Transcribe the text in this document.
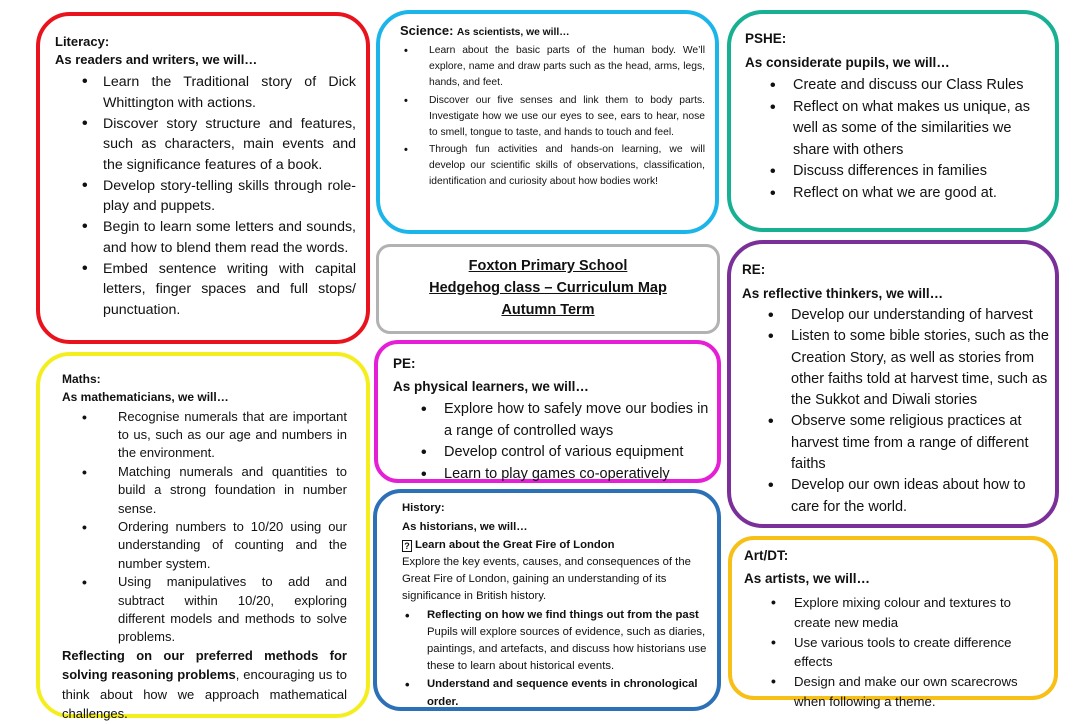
Literacy:
As readers and writers, we will…
• Learn the Traditional story of Dick Whittington with actions.
• Discover story structure and features, such as characters, main events and the significance features of a book.
• Develop story-telling skills through role-play and puppets.
• Begin to learn some letters and sounds, and how to blend them read the words.
• Embed sentence writing with capital letters, finger spaces and full stops/ punctuation.
Science: As scientists, we will…
• Learn about the basic parts of the human body. We’ll explore, name and draw parts such as the head, arms, legs, hands, and feet.
• Discover our five senses and link them to body parts. Investigate how we use our eyes to see, ears to hear, nose to smell, tongue to taste, and hands to touch and feel.
• Through fun activities and hands-on learning, we will develop our scientific skills of observations, classification, identification and curiosity about how bodies work!
PSHE:
As considerate pupils, we will…
• Create and discuss our Class Rules
• Reflect on what makes us unique, as well as some of the similarities we share with others
• Discuss differences in families
• Reflect on what we are good at.
Foxton Primary School
Hedgehog class – Curriculum Map
Autumn Term
PE:
As physical learners, we will…
• Explore how to safely move our bodies in a range of controlled ways
• Develop control of various equipment
• Learn to play games co-operatively
RE:
As reflective thinkers, we will…
• Develop our understanding of harvest
• Listen to some bible stories, such as the Creation Story, as well as stories from other faiths told at harvest time, such as the Sukkot and Diwali stories
• Observe some religious practices at harvest time from a range of different faiths
• Develop our own ideas about how to care for the world.
Maths:
As mathematicians, we will…
• Recognise numerals that are important to us, such as our age and numbers in the environment.
• Matching numerals and quantities to build a strong foundation in number sense.
• Ordering numbers to 10/20 using our understanding of counting and the number system.
• Using manipulatives to add and subtract within 10/20, exploring different models and methods to solve problems.
Reflecting on our preferred methods for solving reasoning problems, encouraging us to think about how we approach mathematical challenges.
History:
As historians, we will…
? Learn about the Great Fire of London
Explore the key events, causes, and consequences of the Great Fire of London, gaining an understanding of its significance in British history.
• Reflecting on how we find things out from the past
Pupils will explore sources of evidence, such as diaries, paintings, and artefacts, and discuss how historians use these to learn about historical events.
• Understand and sequence events in chronological order.
Art/DT:
As artists, we will…
• Explore mixing colour and textures to create new media
• Use various tools to create difference effects
• Design and make our own scarecrows when following a theme.
